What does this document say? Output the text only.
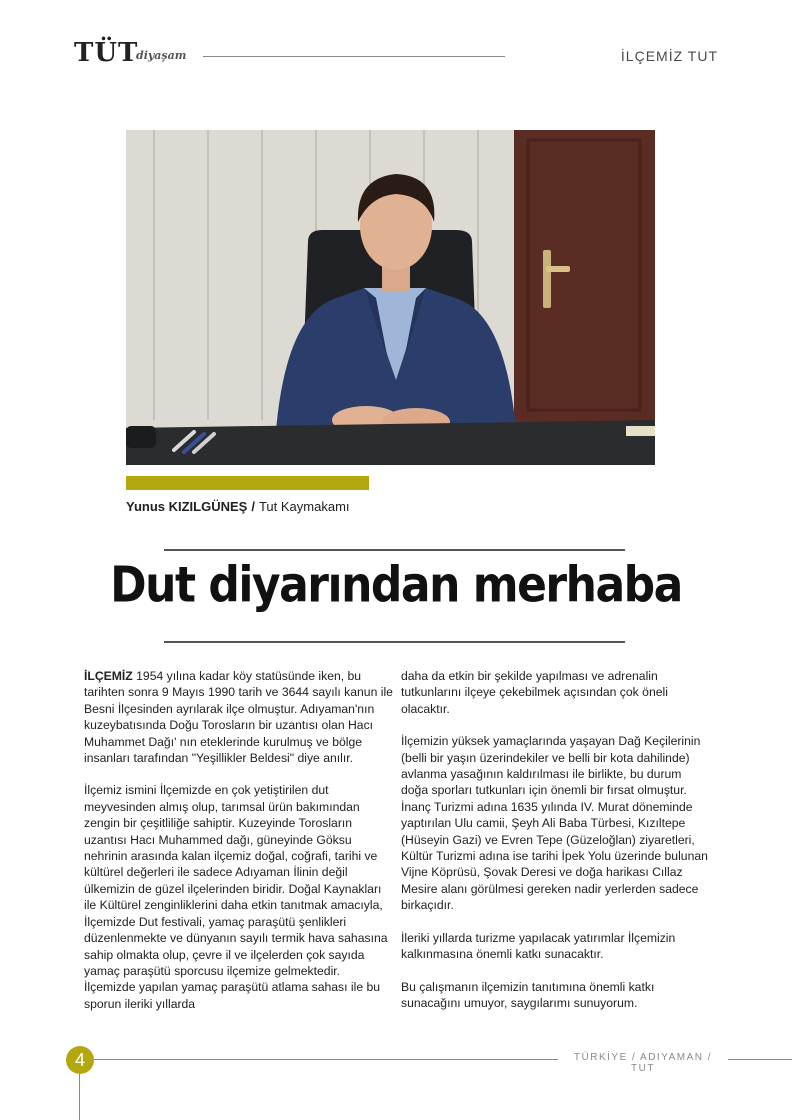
TÜT
diyaşam	İLÇEMİZ TUT
Yunus KIZILGÜNEŞ / Tut Kaymakamı
Dut diyarından merhaba

İLÇEMİZ 1954 yılına kadar köy statüsünde iken, bu tarihten sonra 9 Mayıs 1990 tarih ve 3644 sayılı kanun ile Besni İlçesinden ayrılarak ilçe olmuştur. Adıyaman'nın kuzeybatısında Doğu Torosların bir uzantısı olan Hacı Muhammet Dağı' nın eteklerinde kurulmuş ve bölge insanları tarafından "Yeşillikler Beldesi" diye anılır.

İlçemiz ismini İlçemizde en çok yetiştirilen dut meyvesinden almış olup, tarımsal ürün bakımından zengin bir çeşitliliğe sahiptir. Kuzeyinde Torosların uzantısı Hacı Muhammed dağı, güneyinde Göksu nehrinin arasında kalan ilçemiz doğal, coğrafi, tarihi ve kültürel değerleri ile sadece Adıyaman İlinin değil ülkemizin de güzel ilçelerinden biridir. Doğal Kaynakları ile Kültürel zenginliklerini daha etkin tanıtmak amacıyla, İlçemizde Dut festivali, yamaç paraşütü şenlikleri düzenlenmekte ve dünyanın sayılı termik hava sahasına sahip olmakta olup, çevre il ve ilçelerden çok sayıda yamaç paraşütü sporcusu ilçemize gelmektedir. İlçemizde yapılan yamaç paraşütü atlama sahası ile bu sporun ileriki yıllarda

daha da etkin bir şekilde yapılması ve adrenalin tutkunlarını ilçeye çekebilmek açısından çok öneli olacaktır.

İlçemizin yüksek yamaçlarında yaşayan Dağ Keçilerinin (belli bir yaşın üzerindekiler ve belli bir kota dahilinde) avlanma yasağının kaldırılması ile birlikte, bu durum doğa sporları tutkunları için önemli bir fırsat olmuştur. İnanç Turizmi adına 1635 yılında IV. Murat döneminde yaptırılan Ulu camii, Şeyh Ali Baba Türbesi, Kızıltepe (Hüseyin Gazi) ve Evren Tepe (Güzeloğlan) ziyaretleri, Kültür Turizmi adına ise tarihi İpek Yolu üzerinde bulunan Vijne Köprüsü, Şovak Deresi ve doğa harikası Cıllaz Mesire alanı görülmesi gereken nadir yerlerden sadece birkaçıdır.

İleriki yıllarda turizme yapılacak yatırımlar İlçemizin kalkınmasına önemli katkı sunacaktır.

Bu çalışmanın ilçemizin tanıtımına önemli katkı sunacağını umuyor, saygılarımı sunuyorum.

4	TÜRKİYE / ADIYAMAN / TUT
